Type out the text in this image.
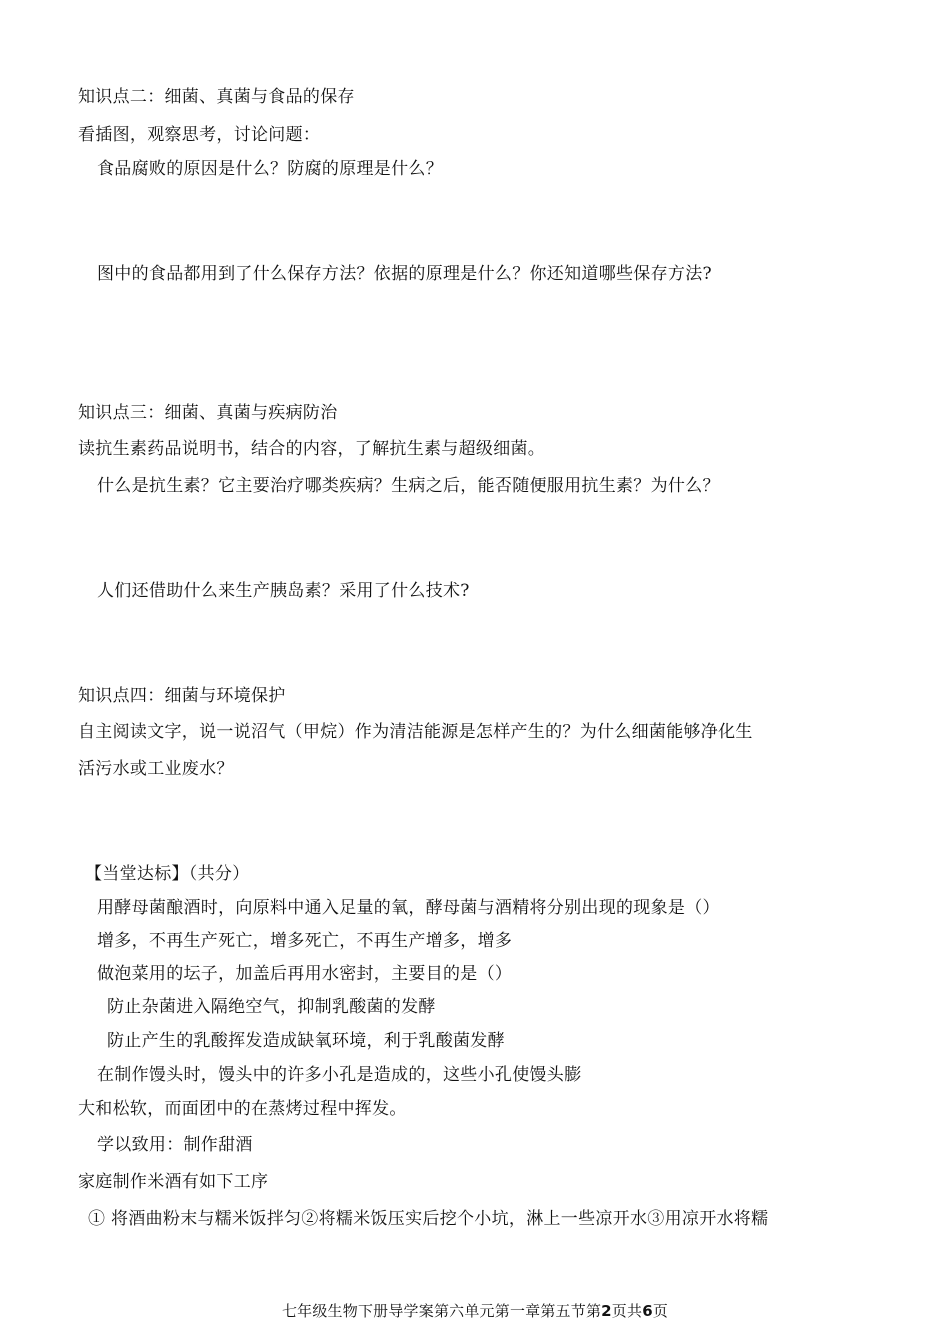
知识点二：细菌、真菌与食品的保存
看插图，观察思考，讨论问题：
食品腐败的原因是什么？防腐的原理是什么？
图中的食品都用到了什么保存方法？依据的原理是什么？你还知道哪些保存方法?
知识点三：细菌、真菌与疾病防治
读抗生素药品说明书，结合的内容，了解抗生素与超级细菌。
什么是抗生素？它主要治疗哪类疾病？生病之后，能否随便服用抗生素？为什么？
人们还借助什么来生产胰岛素？采用了什么技术?
知识点四：细菌与环境保护
自主阅读文字，说一说沼气（甲烷）作为清洁能源是怎样产生的？为什么细菌能够净化生
活污水或工业废水？
【当堂达标】（共分）
用酵母菌酿酒时，向原料中通入足量的氧，酵母菌与酒精将分别出现的现象是（）
增多，不再生产死亡，增多死亡，不再生产增多，增多
做泡菜用的坛子，加盖后再用水密封，主要目的是（）
防止杂菌进入隔绝空气，抑制乳酸菌的发酵
防止产生的乳酸挥发造成缺氧环境，利于乳酸菌发酵
在制作馒头时，馒头中的许多小孔是造成的，这些小孔使馒头膨
大和松软，而面团中的在蒸烤过程中挥发。
学以致用：制作甜酒
家庭制作米酒有如下工序
① 将酒曲粉末与糯米饭拌匀②将糯米饭压实后挖个小坑，淋上一些凉开水③用凉开水将糯
七年级生物下册导学案第六单元第一章第五节第2页共6页
